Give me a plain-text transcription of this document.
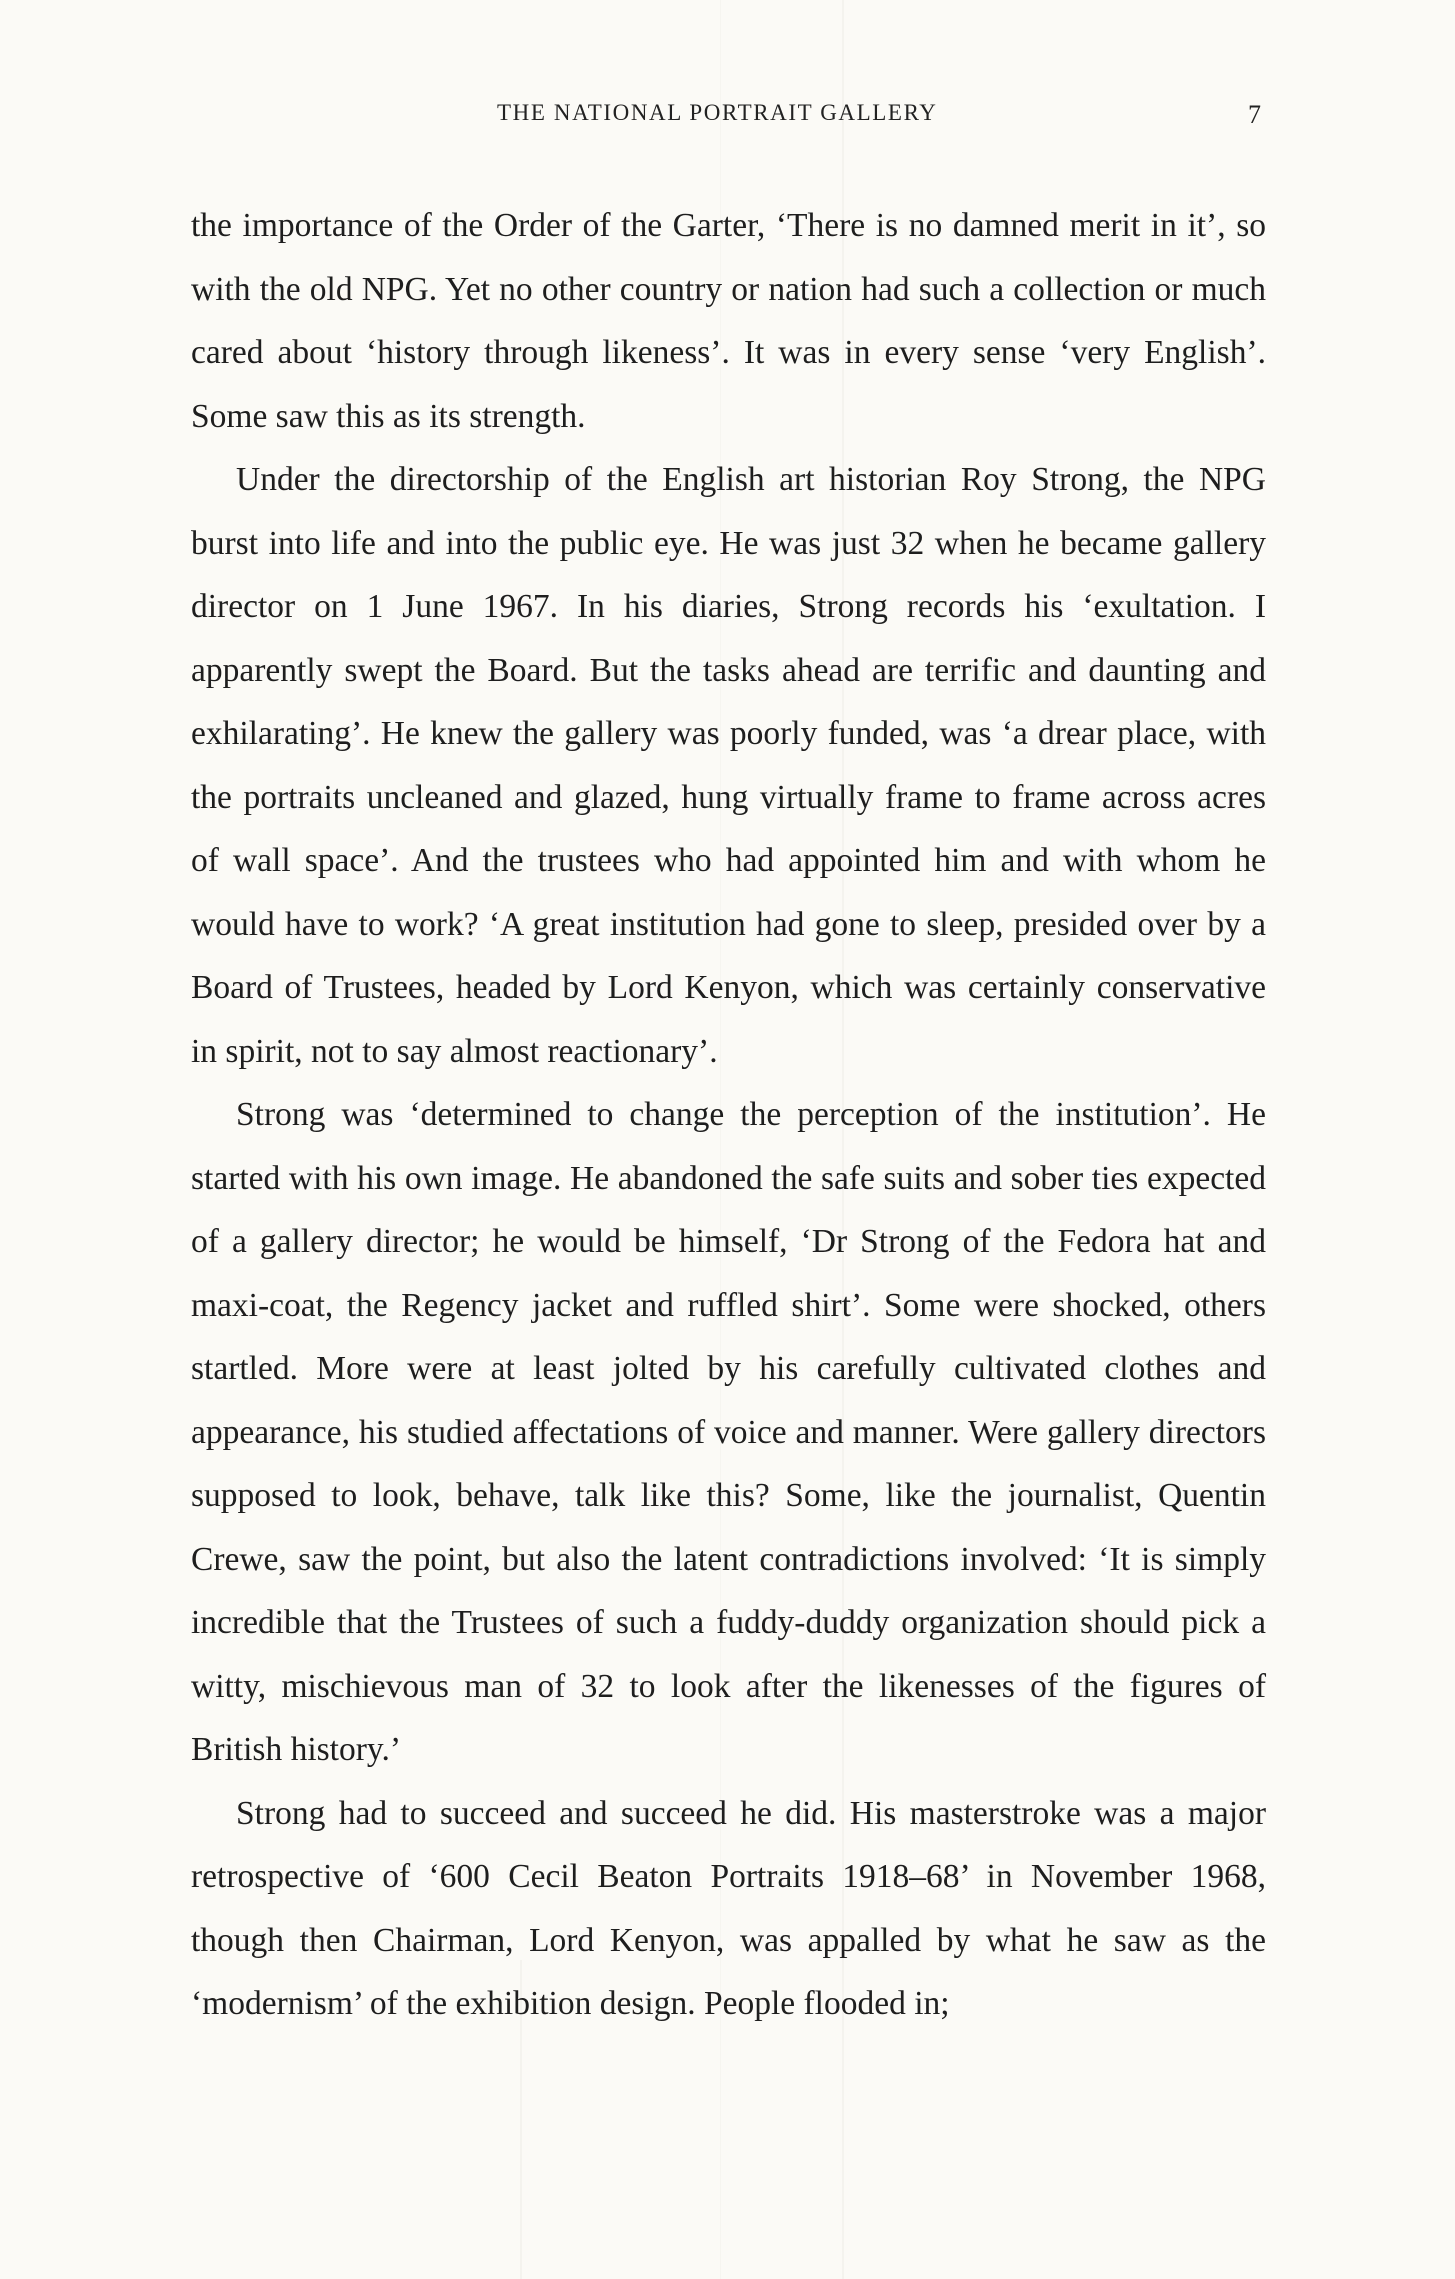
THE NATIONAL PORTRAIT GALLERY	7

the importance of the Order of the Garter, ‘There is no damned merit in it’, so with the old NPG. Yet no other country or nation had such a collection or much cared about ‘history through likeness’. It was in every sense ‘very English’. Some saw this as its strength.

Under the directorship of the English art historian Roy Strong, the NPG burst into life and into the public eye. He was just 32 when he became gallery director on 1 June 1967. In his diaries, Strong records his ‘exultation. I apparently swept the Board. But the tasks ahead are terrific and daunting and exhilarating’. He knew the gallery was poorly funded, was ‘a drear place, with the portraits uncleaned and glazed, hung virtually frame to frame across acres of wall space’. And the trustees who had appointed him and with whom he would have to work? ‘A great institution had gone to sleep, presided over by a Board of Trustees, headed by Lord Kenyon, which was certainly conservative in spirit, not to say almost reactionary’.

Strong was ‘determined to change the perception of the institution’. He started with his own image. He abandoned the safe suits and sober ties expected of a gallery director; he would be himself, ‘Dr Strong of the Fedora hat and maxi-coat, the Regency jacket and ruffled shirt’. Some were shocked, others startled. More were at least jolted by his carefully cultivated clothes and appearance, his studied affectations of voice and manner. Were gallery directors supposed to look, behave, talk like this? Some, like the journalist, Quentin Crewe, saw the point, but also the latent contradictions involved: ‘It is simply incredible that the Trustees of such a fuddy-duddy organization should pick a witty, mischievous man of 32 to look after the likenesses of the figures of British history.’

Strong had to succeed and succeed he did. His masterstroke was a major retrospective of ‘600 Cecil Beaton Portraits 1918–68’ in November 1968, though then Chairman, Lord Kenyon, was appalled by what he saw as the ‘modernism’ of the exhibition design. People flooded in;
